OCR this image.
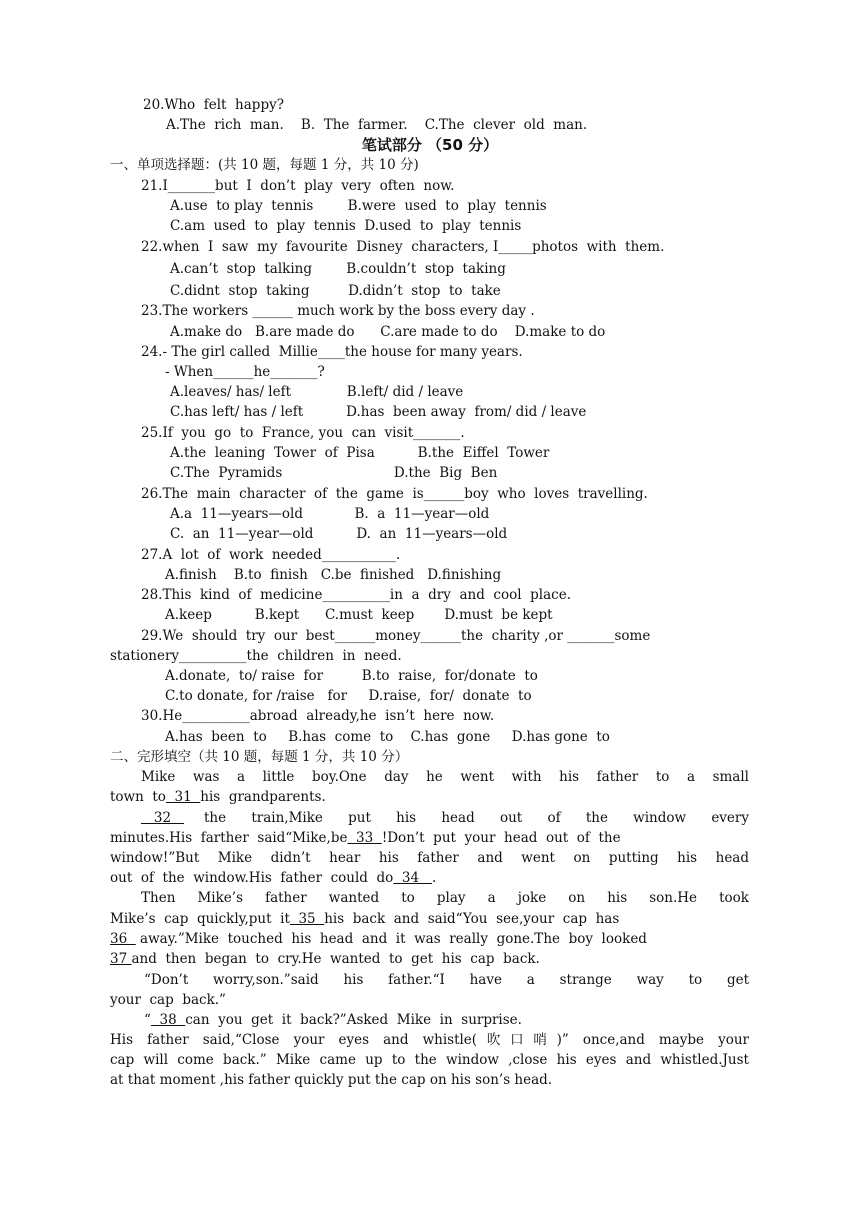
20.Who  felt  happy?
A.The  rich  man.    B.  The  farmer.    C.The  clever  old  man.
笔试部分 （50 分）
一、单项选择题：(共 10 题，每题 1 分，共 10 分)
21.I_______but  I  don’t  play  very  often  now.
A.use  to play  tennis        B.were  used  to  play  tennis
C.am  used  to  play  tennis  D.used  to  play  tennis
22.when  I  saw  my  favourite  Disney  characters, I_____photos  with  them.
A.can’t  stop  talking        B.couldn’t  stop  taking
C.didnt  stop  taking         D.didn’t  stop  to  take
23.The workers ______ much work by the boss every day .
A.make do   B.are made do      C.are made to do    D.make to do
24.- The girl called  Millie____the house for many years.
- When______he_______?
A.leaves/ has/ left             B.left/ did / leave
C.has left/ has / left          D.has  been away  from/ did / leave
25.If  you  go  to  France, you  can  visit_______.
A.the  leaning  Tower  of  Pisa          B.the  Eiffel  Tower
C.The  Pyramids                          D.the  Big  Ben
26.The  main  character  of  the  game  is______boy  who  loves  travelling.
A.a  11—years—old            B.  a  11—year—old
C.  an  11—year—old          D.  an  11—years—old
27.A  lot  of  work  needed___________.
A.finish    B.to  finish   C.be  finished   D.finishing
28.This  kind  of  medicine__________in  a  dry  and  cool  place.
A.keep          B.kept      C.must  keep       D.must  be kept
29.We  should  try  our  best______money______the  charity ,or _______some
stationery__________the  children  in  need.
A.donate,  to/ raise  for         B.to  raise,  for/donate  to
C.to donate, for /raise   for     D.raise,  for/  donate  to
30.He__________abroad  already,he  isn’t  here  now.
A.has  been  to     B.has  come  to    C.has  gone     D.has gone  to
二、完形填空（共 10 题，每题 1 分，共 10 分）
Mike was a little boy.One day he went with his father to a small
town  to  31  his  grandparents.
32 the train,Mike put his head out of the window every
minutes.His  farther  said“Mike,be  33  !Don’t  put  your  head  out  of  the
window!”But Mike didn’t hear his father and went on putting his head
out  of  the  window.His  father  could  do  34   .
Then Mike’s father wanted to play a joke on his son.He took
Mike’s  cap  quickly,put  it  35  his  back  and  said“You  see,your  cap  has
36   away.”Mike  touched  his  head  and  it  was  really  gone.The  boy  looked
37 and  then  began  to  cry.He  wanted  to  get  his  cap  back.
“Don’t worry,son.”said his father.“I have a strange way to get
your  cap  back.”
“  38  can  you  get  it  back?”Asked  Mike  in  surprise.
His father said,“Close your eyes and whistle(吹口哨)” once,and maybe your
cap will come back.” Mike came up to the window ,close his eyes and whistled.Just
at that moment ,his father quickly put the cap on his son’s head.
